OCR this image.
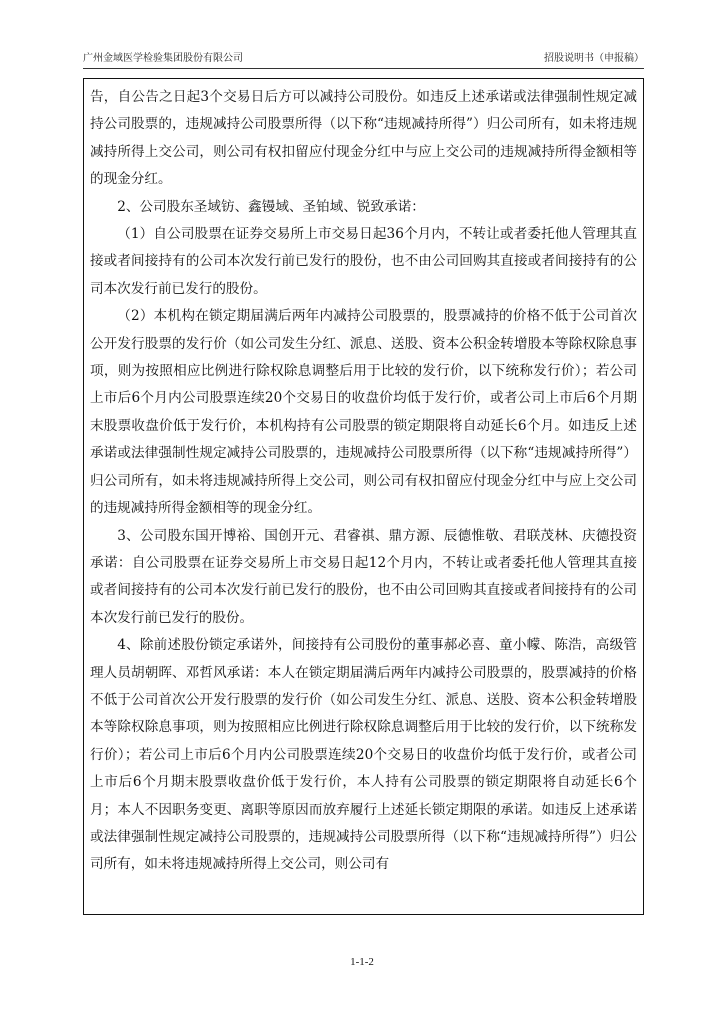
广州金域医学检验集团股份有限公司	招股说明书（申报稿）

告，自公告之日起3个交易日后方可以减持公司股份。如违反上述承诺或法律强制性规定减持公司股票的，违规减持公司股票所得（以下称“违规减持所得”）归公司所有，如未将违规减持所得上交公司，则公司有权扣留应付现金分红中与应上交公司的违规减持所得金额相等的现金分红。

2、公司股东圣域钫、鑫镘域、圣铂域、锐致承诺：

（1）自公司股票在证券交易所上市交易日起36个月内，不转让或者委托他人管理其直接或者间接持有的公司本次发行前已发行的股份，也不由公司回购其直接或者间接持有的公司本次发行前已发行的股份。

（2）本机构在锁定期届满后两年内减持公司股票的，股票减持的价格不低于公司首次公开发行股票的发行价（如公司发生分红、派息、送股、资本公积金转增股本等除权除息事项，则为按照相应比例进行除权除息调整后用于比较的发行价，以下统称发行价）；若公司上市后6个月内公司股票连续20个交易日的收盘价均低于发行价，或者公司上市后6个月期末股票收盘价低于发行价，本机构持有公司股票的锁定期限将自动延长6个月。如违反上述承诺或法律强制性规定减持公司股票的，违规减持公司股票所得（以下称“违规减持所得”）归公司所有，如未将违规减持所得上交公司，则公司有权扣留应付现金分红中与应上交公司的违规减持所得金额相等的现金分红。

3、公司股东国开博裕、国创开元、君睿祺、鼎方源、辰德惟敬、君联茂林、庆德投资承诺：自公司股票在证券交易所上市交易日起12个月内，不转让或者委托他人管理其直接或者间接持有的公司本次发行前已发行的股份，也不由公司回购其直接或者间接持有的公司本次发行前已发行的股份。

4、除前述股份锁定承诺外，间接持有公司股份的董事郝必喜、童小幪、陈浩，高级管理人员胡朝晖、邓哲风承诺：本人在锁定期届满后两年内减持公司股票的，股票减持的价格不低于公司首次公开发行股票的发行价（如公司发生分红、派息、送股、资本公积金转增股本等除权除息事项，则为按照相应比例进行除权除息调整后用于比较的发行价，以下统称发行价）；若公司上市后6个月内公司股票连续20个交易日的收盘价均低于发行价，或者公司上市后6个月期末股票收盘价低于发行价，本人持有公司股票的锁定期限将自动延长6个月；本人不因职务变更、离职等原因而放弃履行上述延长锁定期限的承诺。如违反上述承诺或法律强制性规定减持公司股票的，违规减持公司股票所得（以下称“违规减持所得”）归公司所有，如未将违规减持所得上交公司，则公司有

1-1-2
